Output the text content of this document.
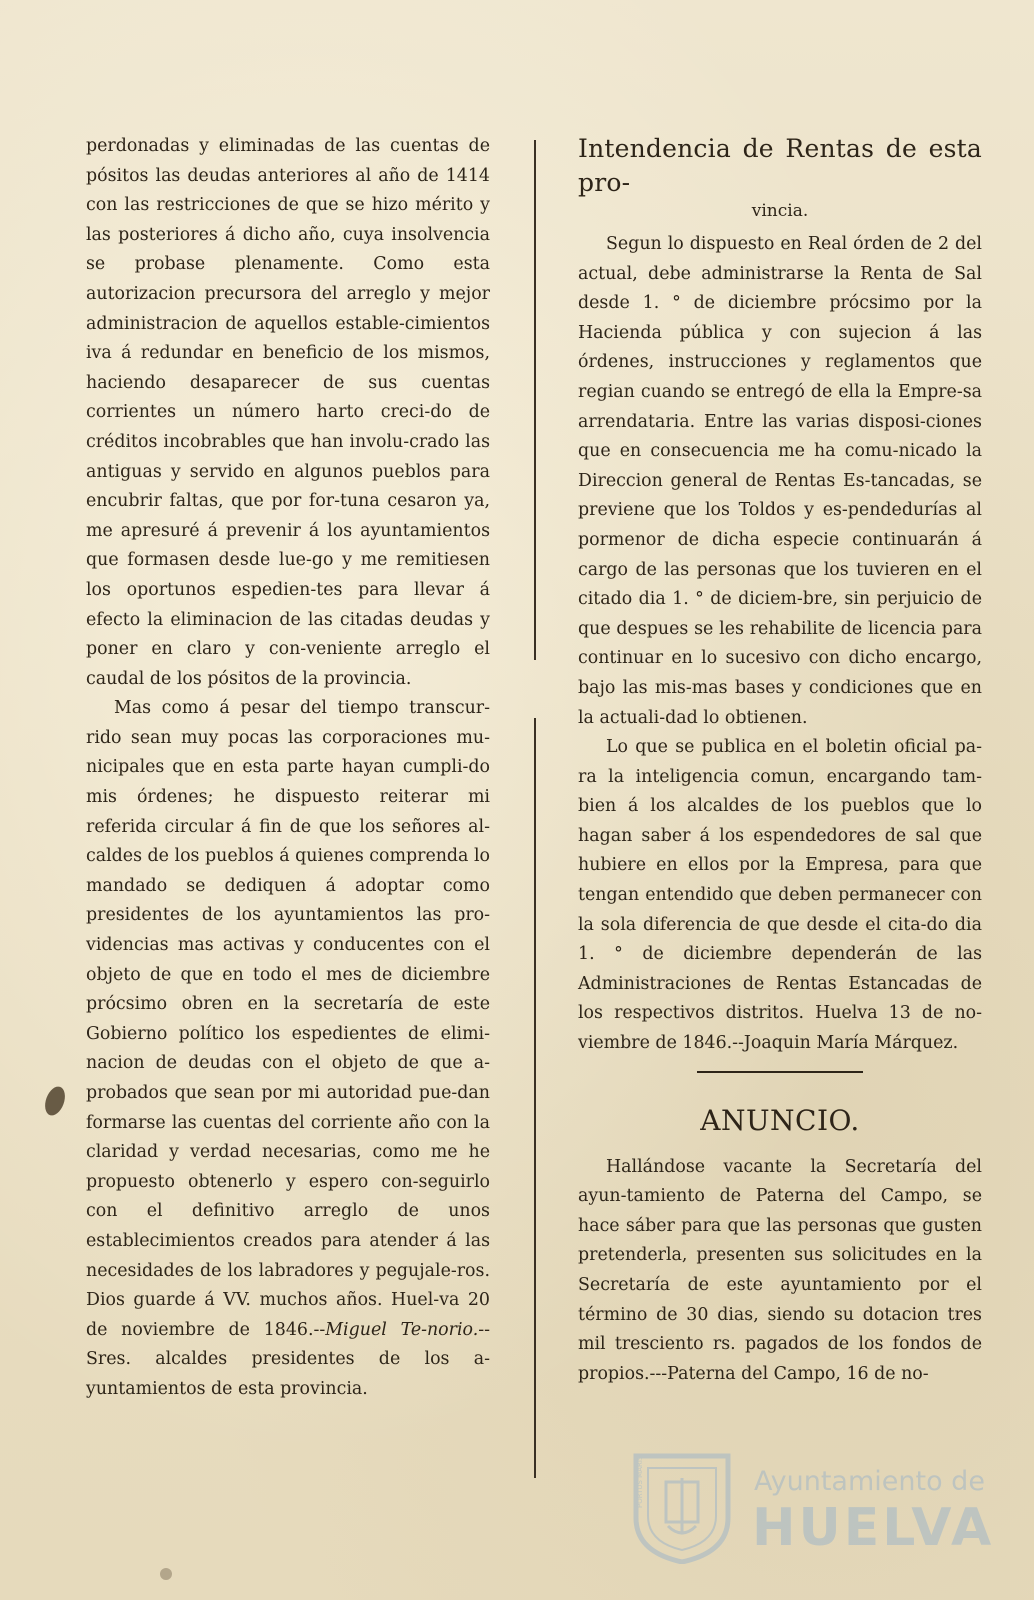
perdonadas y eliminadas de las cuentas de pósitos las deudas anteriores al año de 1414 con las restricciones de que se hizo mérito y las posteriores á dicho año, cuya insolvencia se probase plenamente. Como esta autorizacion precursora del arreglo y mejor administracion de aquellos estable-cimientos iva á redundar en beneficio de los mismos, haciendo desaparecer de sus cuentas corrientes un número harto creci-do de créditos incobrables que han involu-crado las antiguas y servido en algunos pueblos para encubrir faltas, que por for-tuna cesaron ya, me apresuré á prevenir á los ayuntamientos que formasen desde lue-go y me remitiesen los oportunos espedien-tes para llevar á efecto la eliminacion de las citadas deudas y poner en claro y con-veniente arreglo el caudal de los pósitos de la provincia.

Mas como á pesar del tiempo transcur-rido sean muy pocas las corporaciones mu-nicipales que en esta parte hayan cumpli-do mis órdenes; he dispuesto reiterar mi referida circular á fin de que los señores al-caldes de los pueblos á quienes comprenda lo mandado se dediquen á adoptar como presidentes de los ayuntamientos las pro-videncias mas activas y conducentes con el objeto de que en todo el mes de diciembre prócsimo obren en la secretaría de este Gobierno político los espedientes de elimi-nacion de deudas con el objeto de que a-probados que sean por mi autoridad pue-dan formarse las cuentas del corriente año con la claridad y verdad necesarias, como me he propuesto obtenerlo y espero con-seguirlo con el definitivo arreglo de unos establecimientos creados para atender á las necesidades de los labradores y pegujale-ros. Dios guarde á VV. muchos años. Huel-va 20 de noviembre de 1846.--Miguel Te-norio.--Sres. alcaldes presidentes de los a-yuntamientos de esta provincia.

Intendencia de Rentas de esta pro-
vincia.

Segun lo dispuesto en Real órden de 2 del actual, debe administrarse la Renta de Sal desde 1. ° de diciembre prócsimo por la Hacienda pública y con sujecion á las órdenes, instrucciones y reglamentos que regian cuando se entregó de ella la Empre-sa arrendataria. Entre las varias disposi-ciones que en consecuencia me ha comu-nicado la Direccion general de Rentas Es-tancadas, se previene que los Toldos y es-pendedurías al pormenor de dicha especie continuarán á cargo de las personas que los tuvieren en el citado dia 1. ° de diciem-bre, sin perjuicio de que despues se les rehabilite de licencia para continuar en lo sucesivo con dicho encargo, bajo las mis-mas bases y condiciones que en la actuali-dad lo obtienen.

Lo que se publica en el boletin oficial pa-ra la inteligencia comun, encargando tam-bien á los alcaldes de los pueblos que lo hagan saber á los espendedores de sal que hubiere en ellos por la Empresa, para que tengan entendido que deben permanecer con la sola diferencia de que desde el cita-do dia 1. ° de diciembre dependerán de las Administraciones de Rentas Estancadas de los respectivos distritos. Huelva 13 de no-viembre de 1846.--Joaquin María Márquez.

ANUNCIO.

Hallándose vacante la Secretaría del ayun-tamiento de Paterna del Campo, se hace sáber para que las personas que gusten pretenderla, presenten sus solicitudes en la Secretaría de este ayuntamiento por el término de 30 dias, siendo su dotacion tres mil tresciento rs. pagados de los fondos de propios.---Paterna del Campo, 16 de no-

PORTUS MARIS	Ayuntamiento de
HUELVA
